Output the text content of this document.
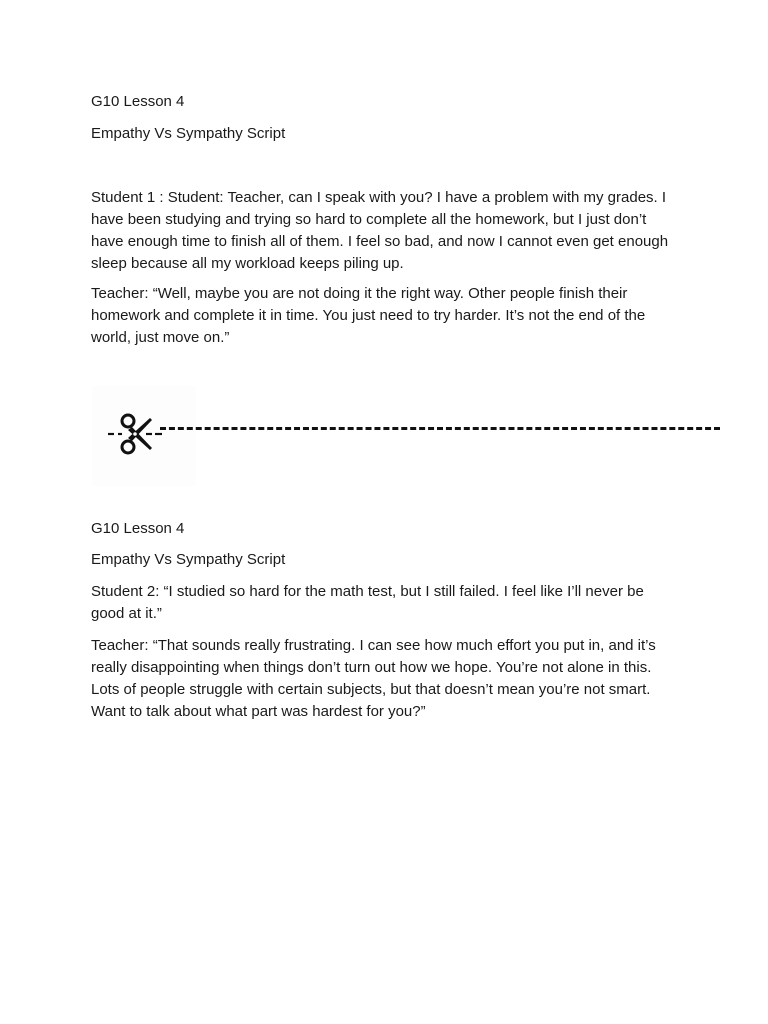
G10 Lesson 4

Empathy Vs Sympathy Script

Student 1 : Student: Teacher, can I speak with you? I have a problem with my grades. I have been studying and trying so hard to complete all the homework, but I just don’t have enough time to finish all of them. I feel so bad, and now I cannot even get enough sleep because all my workload keeps piling up.

Teacher: “Well, maybe you are not doing it the right way. Other people finish their homework and complete it in time. You just need to try harder. It’s not the end of the world, just move on.”

G10 Lesson 4

Empathy Vs Sympathy Script

Student 2: “I studied so hard for the math test, but I still failed. I feel like I’ll never be good at it.”

Teacher: “That sounds really frustrating. I can see how much effort you put in, and it’s really disappointing when things don’t turn out how we hope. You’re not alone in this. Lots of people struggle with certain subjects, but that doesn’t mean you’re not smart. Want to talk about what part was hardest for you?”
